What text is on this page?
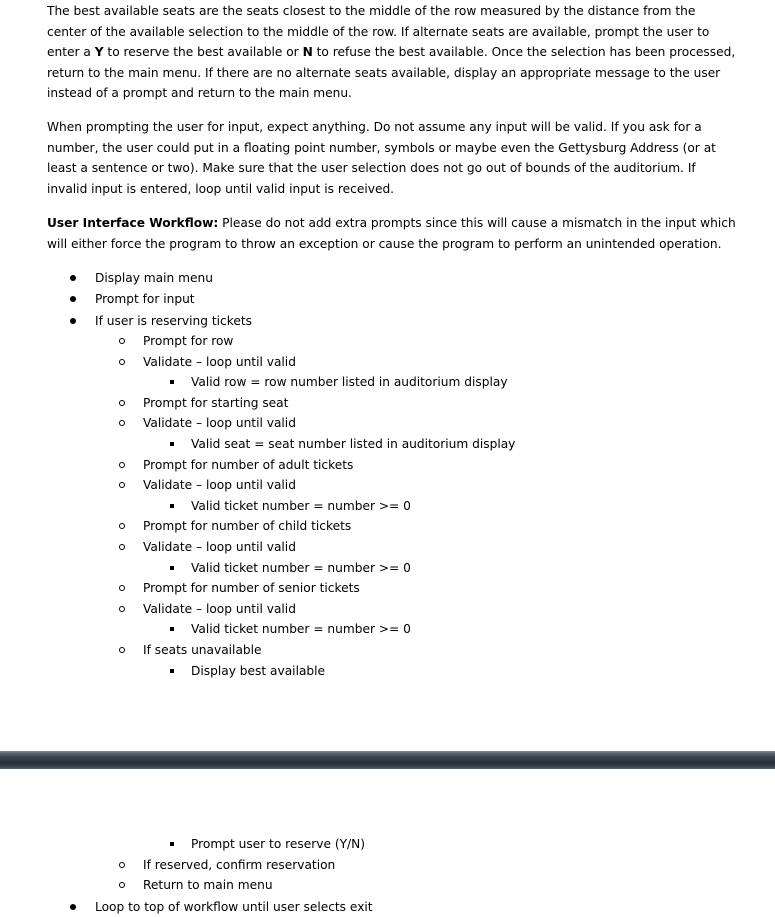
The best available seats are the seats closest to the middle of the row measured by the distance from the center of the available selection to the middle of the row. If alternate seats are available, prompt the user to enter a Y to reserve the best available or N to refuse the best available. Once the selection has been processed, return to the main menu. If there are no alternate seats available, display an appropriate message to the user instead of a prompt and return to the main menu.

When prompting the user for input, expect anything. Do not assume any input will be valid. If you ask for a number, the user could put in a floating point number, symbols or maybe even the Gettysburg Address (or at least a sentence or two). Make sure that the user selection does not go out of bounds of the auditorium. If invalid input is entered, loop until valid input is received.

User Interface Workflow: Please do not add extra prompts since this will cause a mismatch in the input which will either force the program to throw an exception or cause the program to perform an unintended operation.

Display main menu
Prompt for input
If user is reserving tickets
Prompt for row
Validate – loop until valid
Valid row = row number listed in auditorium display
Prompt for starting seat
Validate – loop until valid
Valid seat = seat number listed in auditorium display
Prompt for number of adult tickets
Validate – loop until valid
Valid ticket number = number >= 0
Prompt for number of child tickets
Validate – loop until valid
Valid ticket number = number >= 0
Prompt for number of senior tickets
Validate – loop until valid
Valid ticket number = number >= 0
If seats unavailable
Display best available
Prompt user to reserve (Y/N)
If reserved, confirm reservation
Return to main menu
Loop to top of workflow until user selects exit
